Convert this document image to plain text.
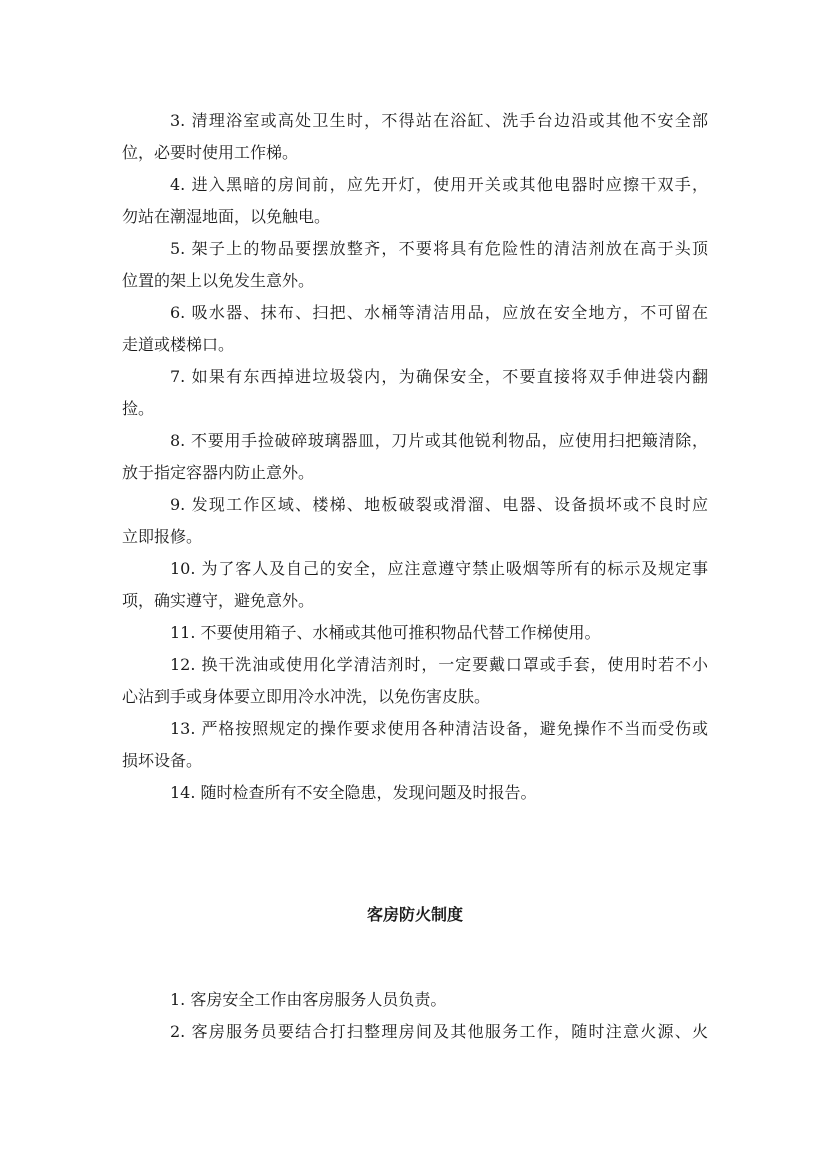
3. 清理浴室或高处卫生时，不得站在浴缸、洗手台边沿或其他不安全部
位，必要时使用工作梯。
4. 进入黑暗的房间前，应先开灯，使用开关或其他电器时应擦干双手，
勿站在潮湿地面，以免触电。
5. 架子上的物品要摆放整齐，不要将具有危险性的清洁剂放在高于头顶
位置的架上以免发生意外。
6. 吸水器、抹布、扫把、水桶等清洁用品，应放在安全地方，不可留在
走道或楼梯口。
7. 如果有东西掉进垃圾袋内，为确保安全，不要直接将双手伸进袋内翻
捡。
8. 不要用手捡破碎玻璃器皿，刀片或其他锐利物品，应使用扫把簸清除，
放于指定容器内防止意外。
9. 发现工作区域、楼梯、地板破裂或滑溜、电器、设备损坏或不良时应
立即报修。
10. 为了客人及自己的安全，应注意遵守禁止吸烟等所有的标示及规定事
项，确实遵守，避免意外。
11. 不要使用箱子、水桶或其他可推积物品代替工作梯使用。
12. 换干洗油或使用化学清洁剂时，一定要戴口罩或手套，使用时若不小
心沾到手或身体要立即用冷水冲洗，以免伤害皮肤。
13. 严格按照规定的操作要求使用各种清洁设备，避免操作不当而受伤或
损坏设备。
14. 随时检查所有不安全隐患，发现问题及时报告。
客房防火制度
1. 客房安全工作由客房服务人员负责。
2. 客房服务员要结合打扫整理房间及其他服务工作，随时注意火源、火
